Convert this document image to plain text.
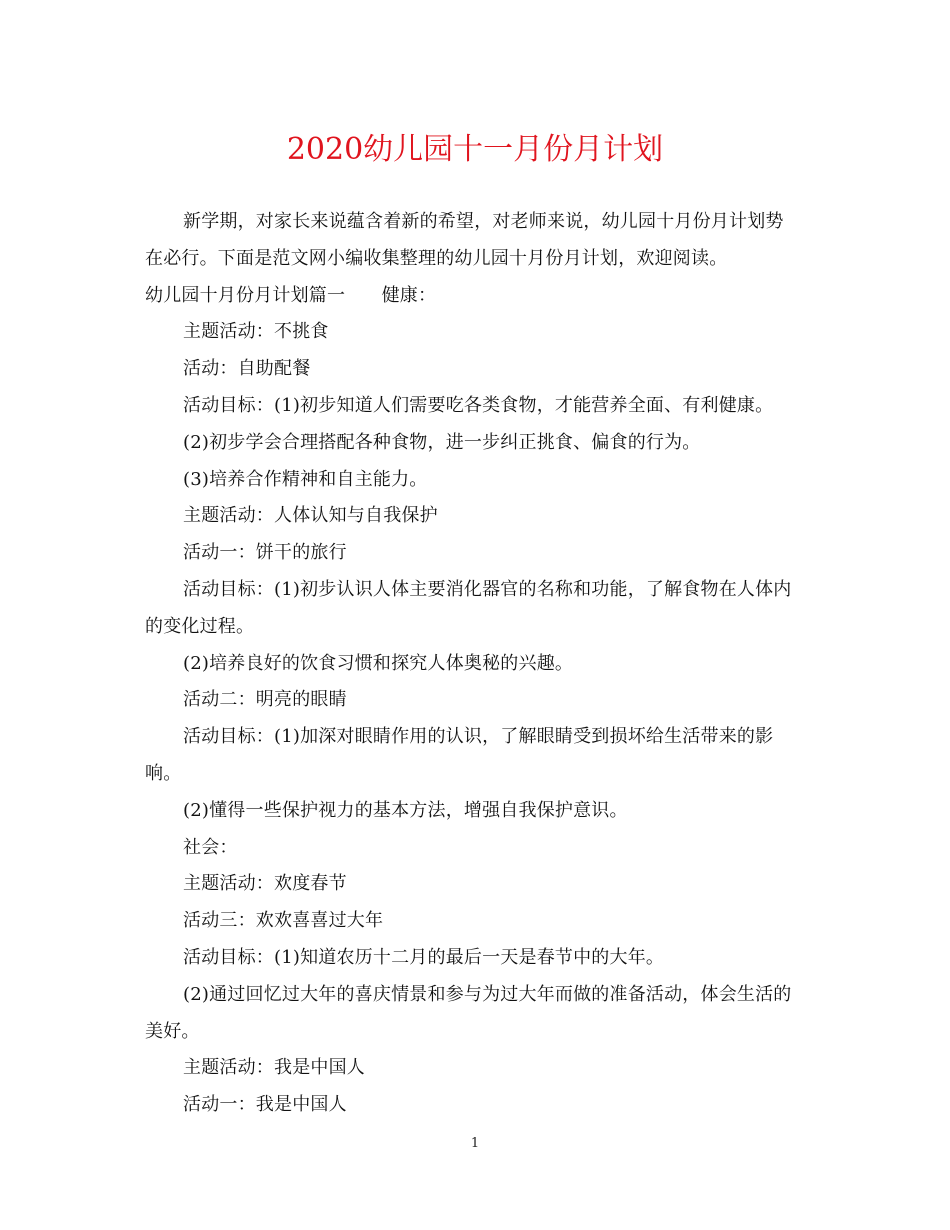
2020幼儿园十一月份月计划

新学期，对家长来说蕴含着新的希望，对老师来说，幼儿园十月份月计划势

在必行。下面是范文网小编收集整理的幼儿园十月份月计划，欢迎阅读。

幼儿园十月份月计划篇一　　健康：

主题活动：不挑食

活动：自助配餐

活动目标：(1)初步知道人们需要吃各类食物，才能营养全面、有利健康。

(2)初步学会合理搭配各种食物，进一步纠正挑食、偏食的行为。

(3)培养合作精神和自主能力。

主题活动：人体认知与自我保护

活动一：饼干的旅行

活动目标：(1)初步认识人体主要消化器官的名称和功能，了解食物在人体内

的变化过程。

(2)培养良好的饮食习惯和探究人体奥秘的兴趣。

活动二：明亮的眼睛

活动目标：(1)加深对眼睛作用的认识，了解眼睛受到损坏给生活带来的影

响。

(2)懂得一些保护视力的基本方法，增强自我保护意识。

社会：

主题活动：欢度春节

活动三：欢欢喜喜过大年

活动目标：(1)知道农历十二月的最后一天是春节中的大年。

(2)通过回忆过大年的喜庆情景和参与为过大年而做的准备活动，体会生活的

美好。

主题活动：我是中国人

活动一：我是中国人

1
